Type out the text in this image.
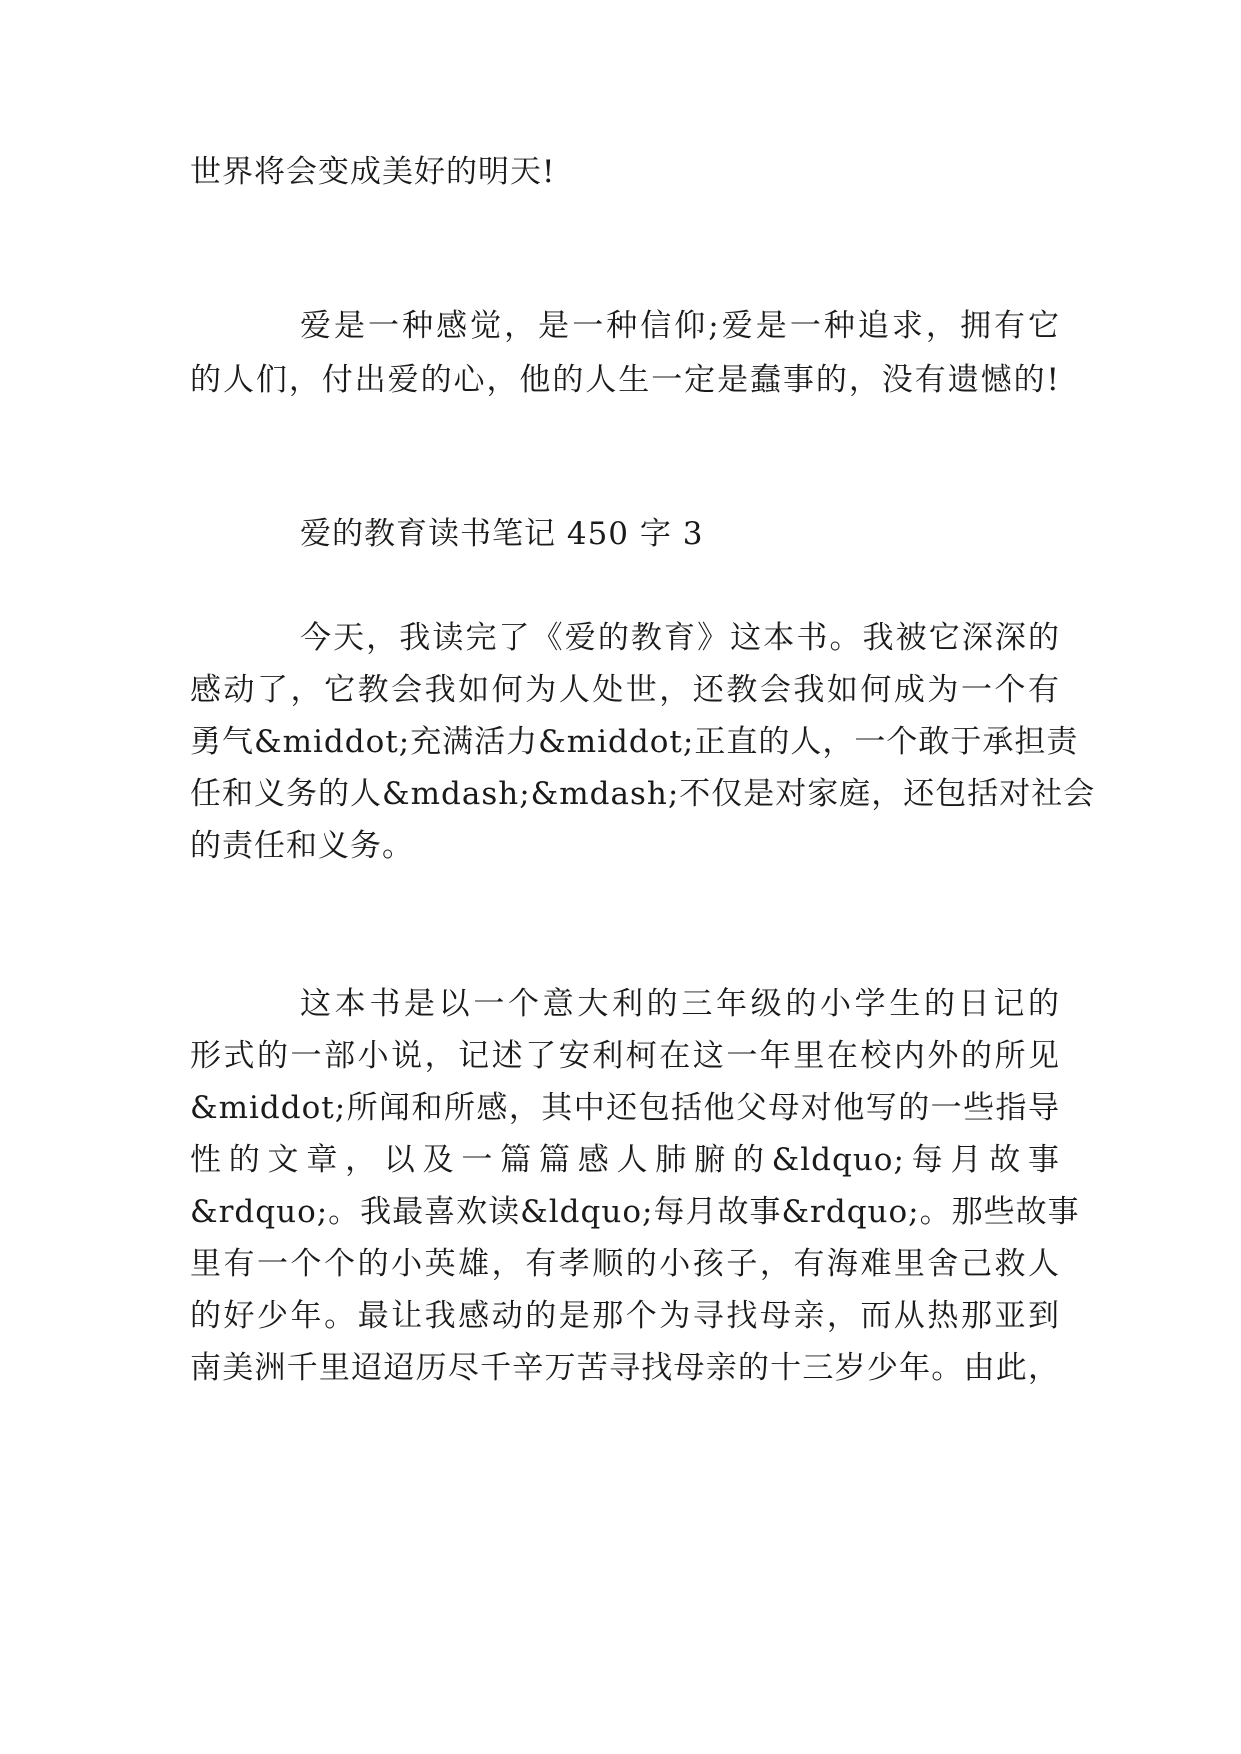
世界将会变成美好的明天!
爱是一种感觉，是一种信仰;爱是一种追求，拥有它
的人们，付出爱的心，他的人生一定是蠢事的，没有遗憾的!
爱的教育读书笔记 450 字 3
今天，我读完了《爱的教育》这本书。我被它深深的
感动了，它教会我如何为人处世，还教会我如何成为一个有
勇气&middot;充满活力&middot;正直的人，一个敢于承担责
任和义务的人&mdash;&mdash;不仅是对家庭，还包括对社会
的责任和义务。
这本书是以一个意大利的三年级的小学生的日记的
形式的一部小说，记述了安利柯在这一年里在校内外的所见
&middot;所闻和所感，其中还包括他父母对他写的一些指导
性的文章，以及一篇篇感人肺腑的&ldquo;每月故事
&rdquo;。我最喜欢读&ldquo;每月故事&rdquo;。那些故事
里有一个个的小英雄，有孝顺的小孩子，有海难里舍己救人
的好少年。最让我感动的是那个为寻找母亲，而从热那亚到
南美洲千里迢迢历尽千辛万苦寻找母亲的十三岁少年。由此，
